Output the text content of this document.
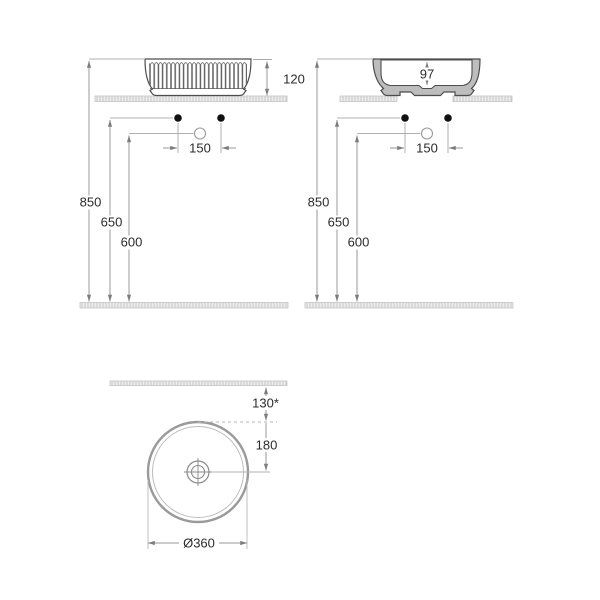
120
150
850
650
600
97
150
850
650
600
130*
180
Ø360
